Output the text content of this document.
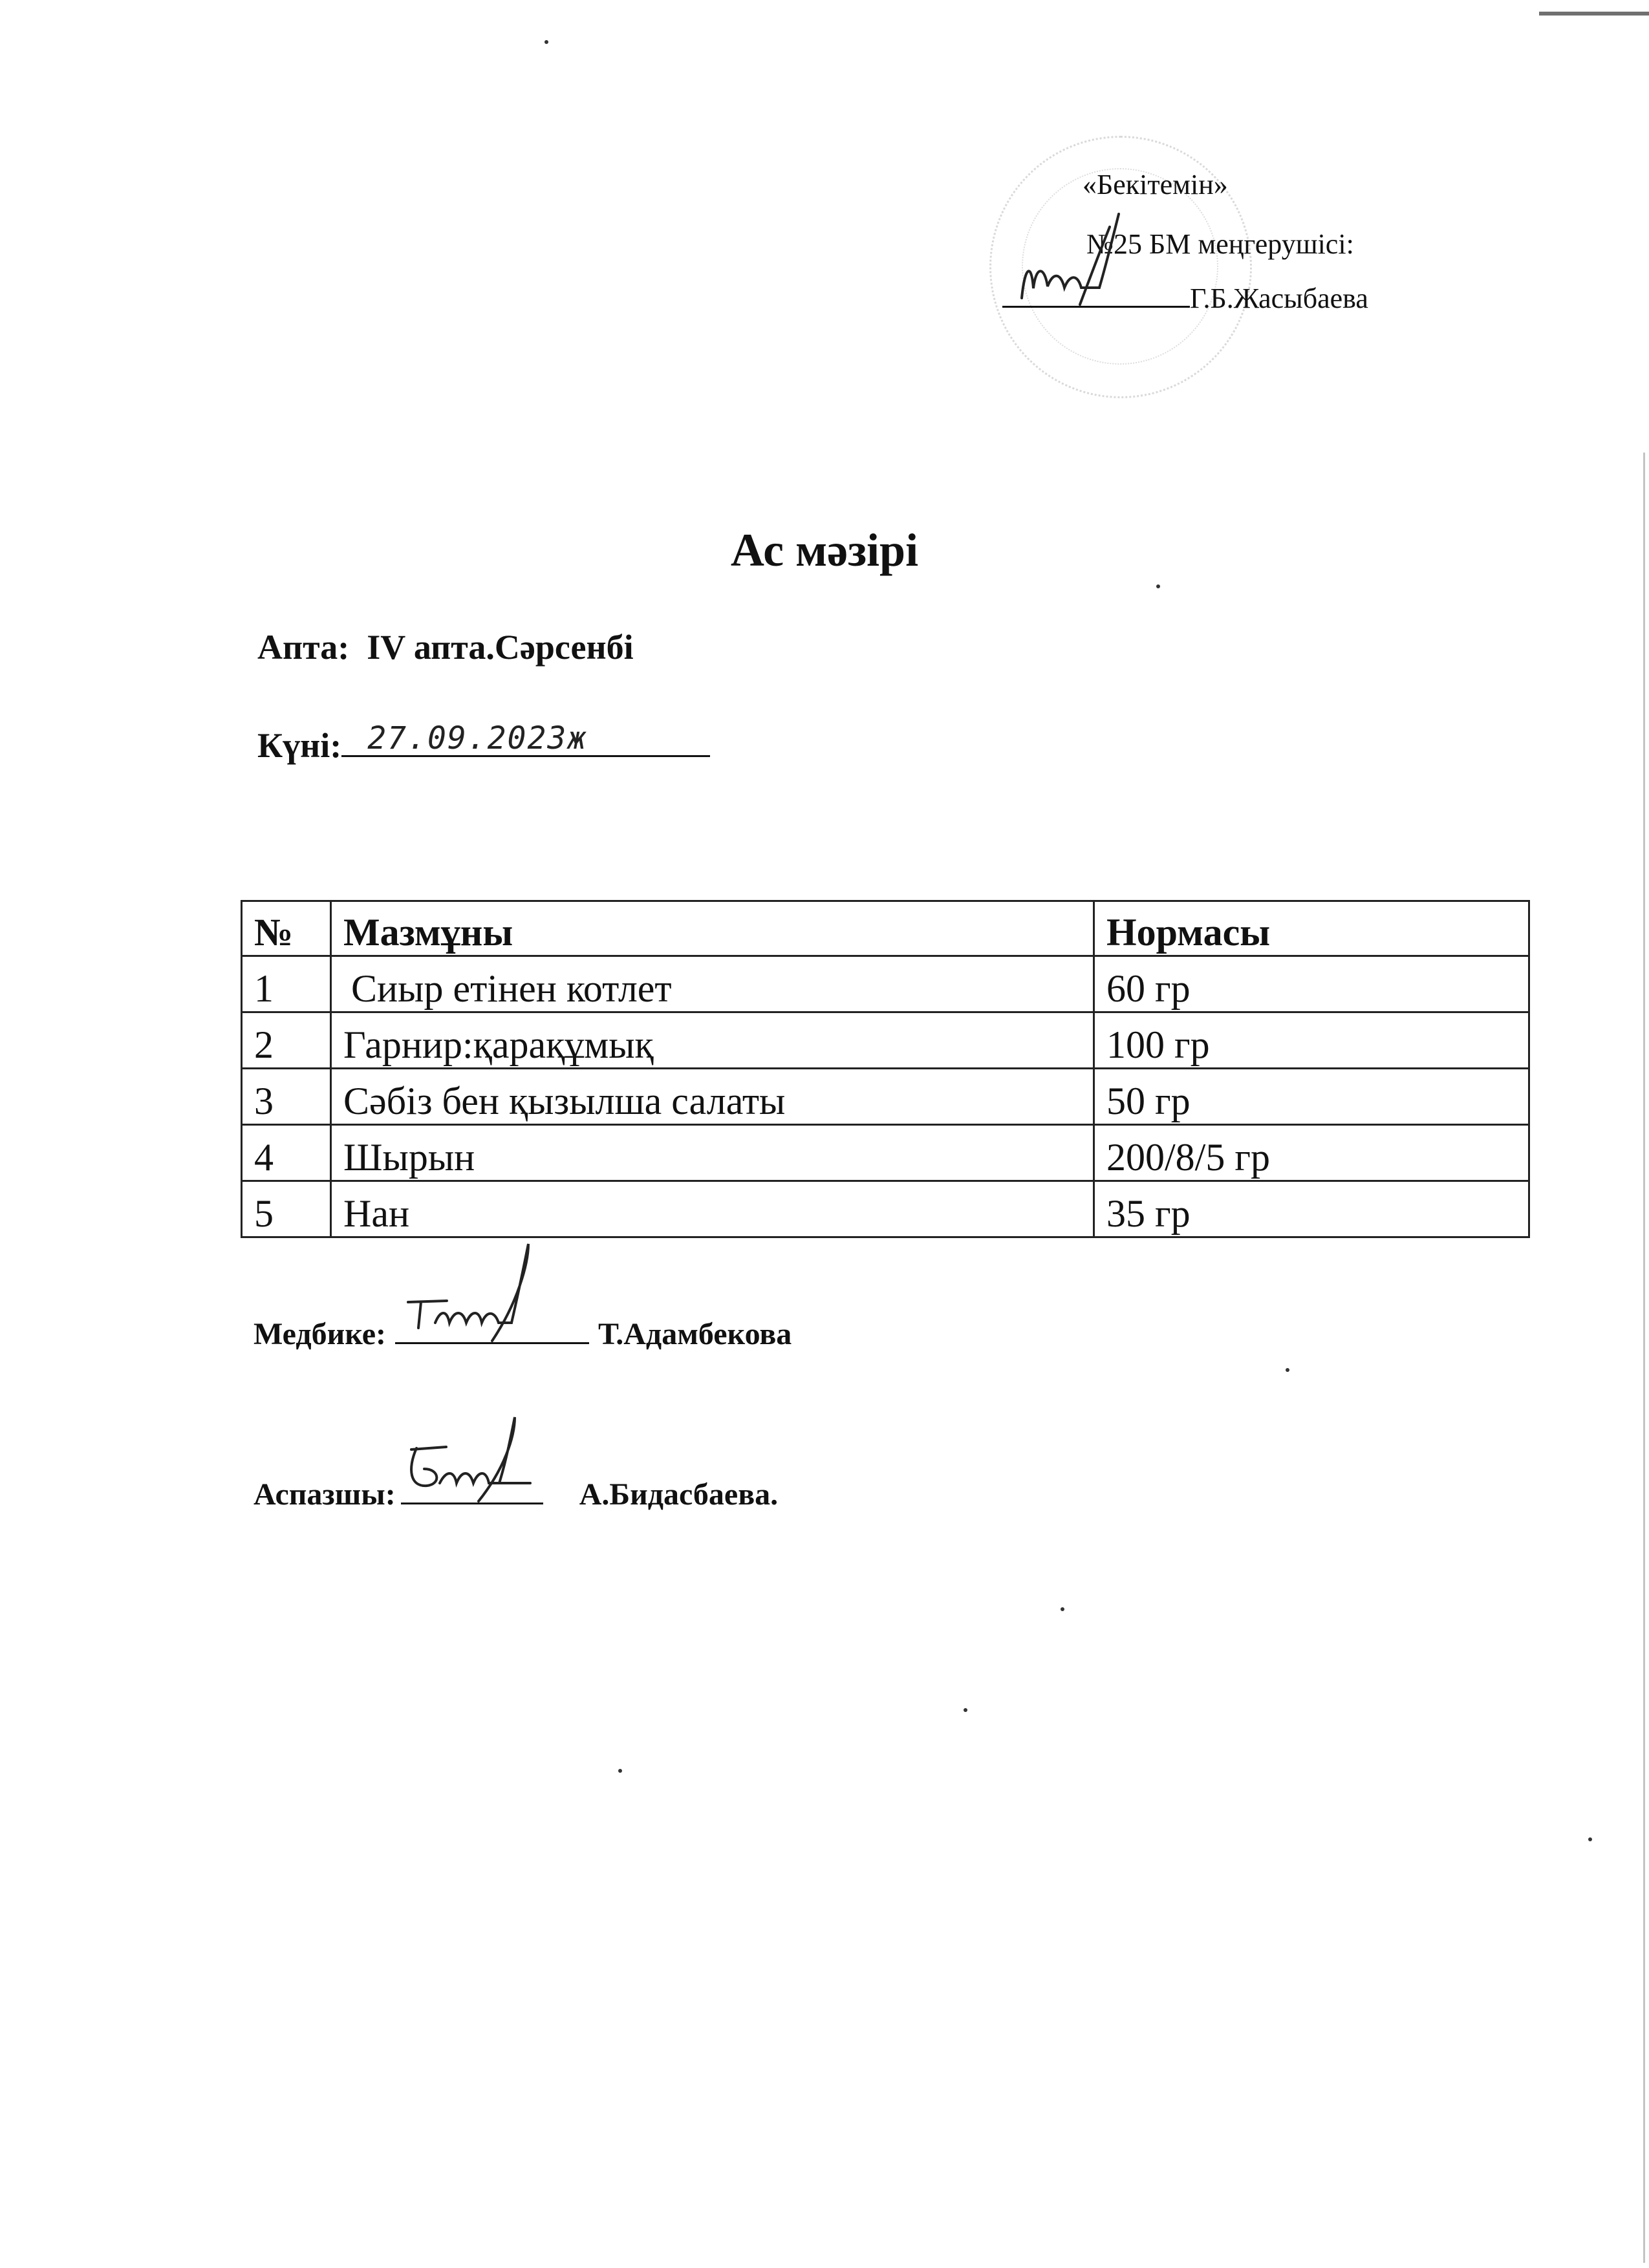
«Бекітемін»
№25 БМ меңгерушісі:
Г.Б.Жасыбаева
Ас мәзірі
Апта: IV апта.Сәрсенбі
Күні: 27.09.2023ж
№	Мазмұны	Нормасы
1	Сиыр етінен котлет	60 гр
2	Гарнир:қарақұмық	100 гр
3	Сәбіз бен қызылша салаты	50 гр
4	Шырын	200/8/5 гр
5	Нан	35 гр
Медбике:	Т.Адамбекова
Аспазшы:	А.Бидасбаева.
